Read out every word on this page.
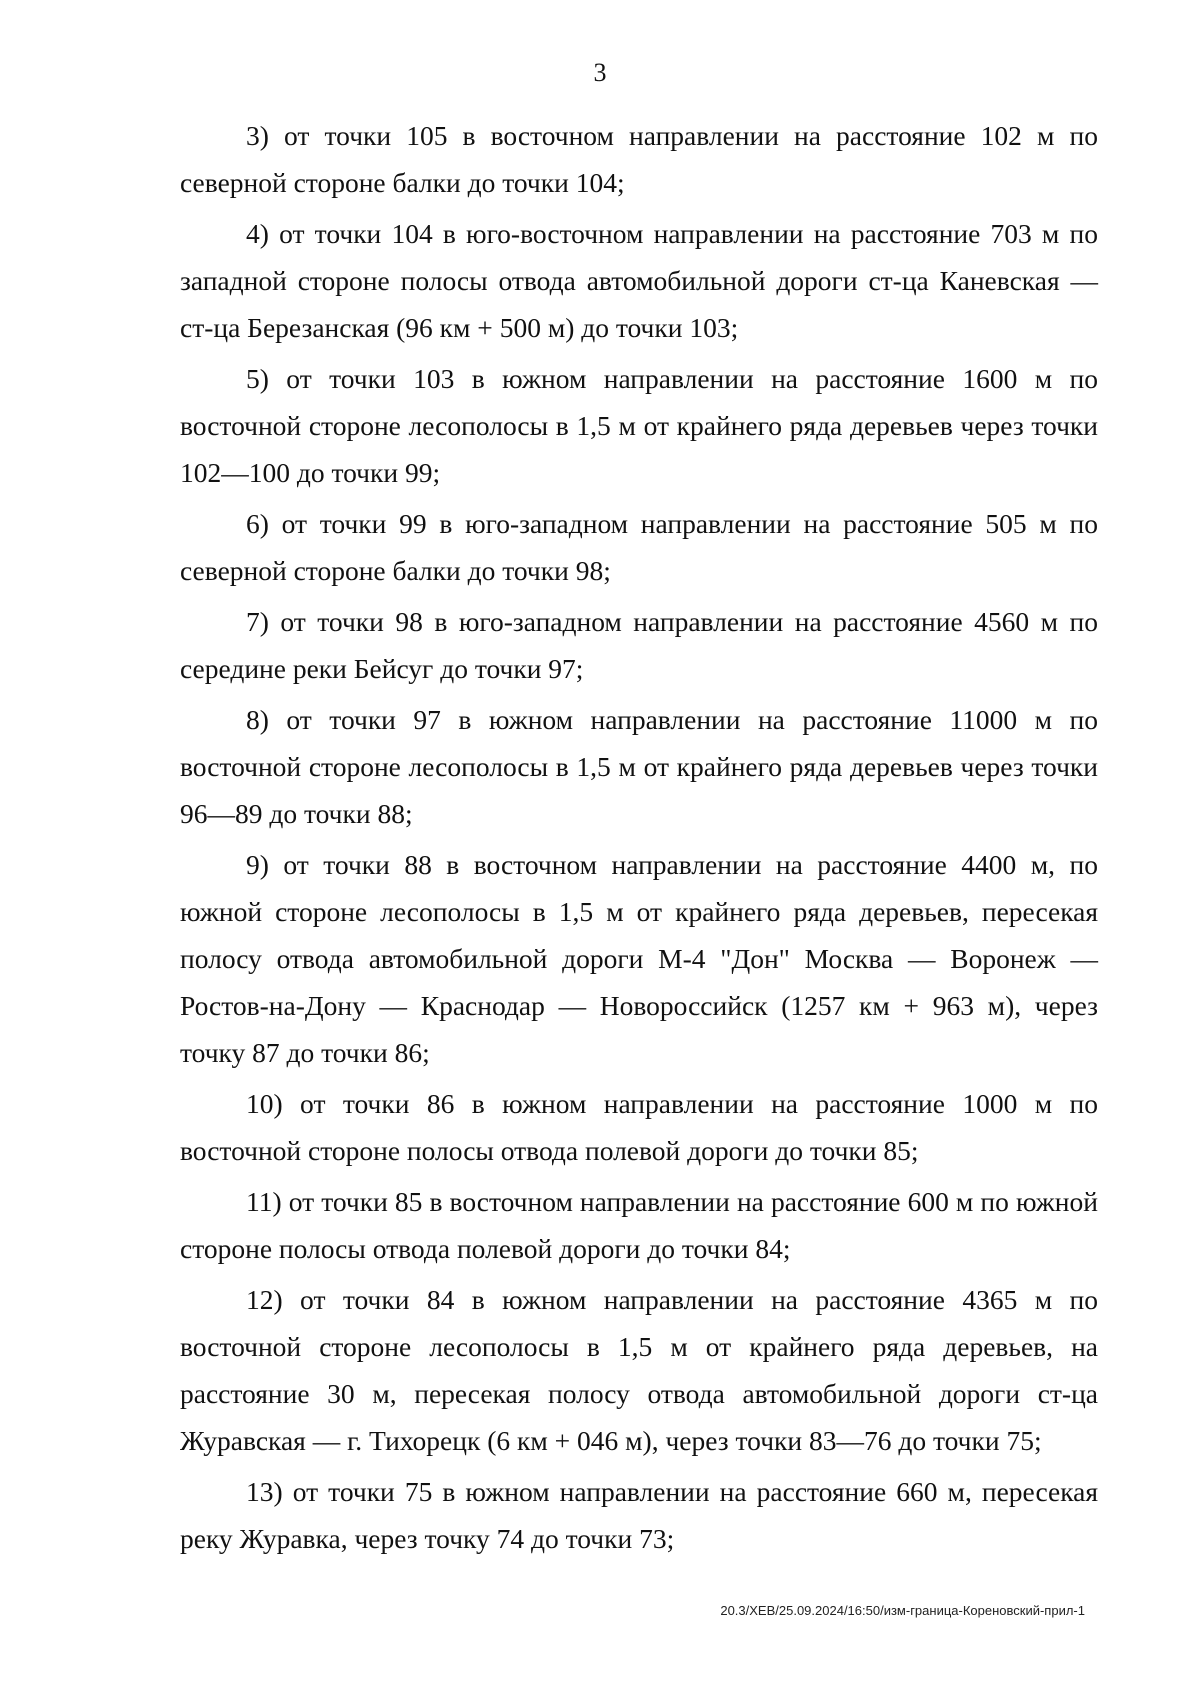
3

3) от точки 105 в восточном направлении на расстояние 102 м по северной стороне балки до точки 104;

4) от точки 104 в юго-восточном направлении на расстояние 703 м по западной стороне полосы отвода автомобильной дороги ст-ца Каневская — ст-ца Березанская (96 км + 500 м) до точки 103;

5) от точки 103 в южном направлении на расстояние 1600 м по восточной стороне лесополосы в 1,5 м от крайнего ряда деревьев через точки 102—100 до точки 99;

6) от точки 99 в юго-западном направлении на расстояние 505 м по северной стороне балки до точки 98;

7) от точки 98 в юго-западном направлении на расстояние 4560 м по середине реки Бейсуг до точки 97;

8) от точки 97 в южном направлении на расстояние 11000 м по восточной стороне лесополосы в 1,5 м от крайнего ряда деревьев через точки 96—89 до точки 88;

9) от точки 88 в восточном направлении на расстояние 4400 м, по южной стороне лесополосы в 1,5 м от крайнего ряда деревьев, пересекая полосу отвода автомобильной дороги М-4 "Дон" Москва — Воронеж — Ростов-на-Дону — Краснодар — Новороссийск (1257 км + 963 м), через точку 87 до точки 86;

10) от точки 86 в южном направлении на расстояние 1000 м по восточной стороне полосы отвода полевой дороги до точки 85;

11) от точки 85 в восточном направлении на расстояние 600 м по южной стороне полосы отвода полевой дороги до точки 84;

12) от точки 84 в южном направлении на расстояние 4365 м по восточной стороне лесополосы в 1,5 м от крайнего ряда деревьев, на расстояние 30 м, пересекая полосу отвода автомобильной дороги ст-ца Журавская — г. Тихорецк (6 км + 046 м), через точки 83—76 до точки 75;

13) от точки 75 в южном направлении на расстояние 660 м, пересекая реку Журавка, через точку 74 до точки 73;

20.3/ХЕВ/25.09.2024/16:50/изм-граница-Кореновский-прил-1
